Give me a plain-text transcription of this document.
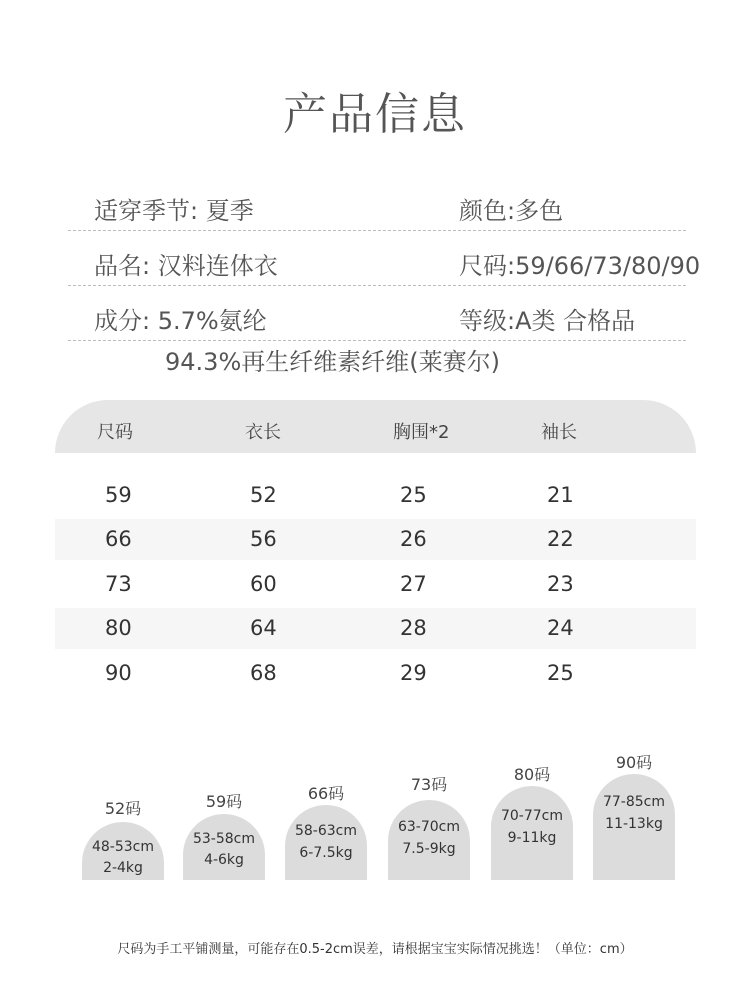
产品信息
适穿季节: 夏季	颜色:多色
品名: 汉料连体衣	尺码:59/66/73/80/90
成分: 5.7%氨纶	等级:A类 合格品
94.3%再生纤维素纤维(莱赛尔)
尺码	衣长	胸围*2	袖长
59	52	25	21
66	56	26	22
73	60	27	23
80	64	28	24
90	68	29	25
52码
48-53cm
2-4kg
59码
53-58cm
4-6kg
66码
58-63cm
6-7.5kg
73码
63-70cm
7.5-9kg
80码
70-77cm
9-11kg
90码
77-85cm
11-13kg
尺码为手工平铺测量，可能存在0.5-2cm误差，请根据宝宝实际情况挑选！（单位：cm）
